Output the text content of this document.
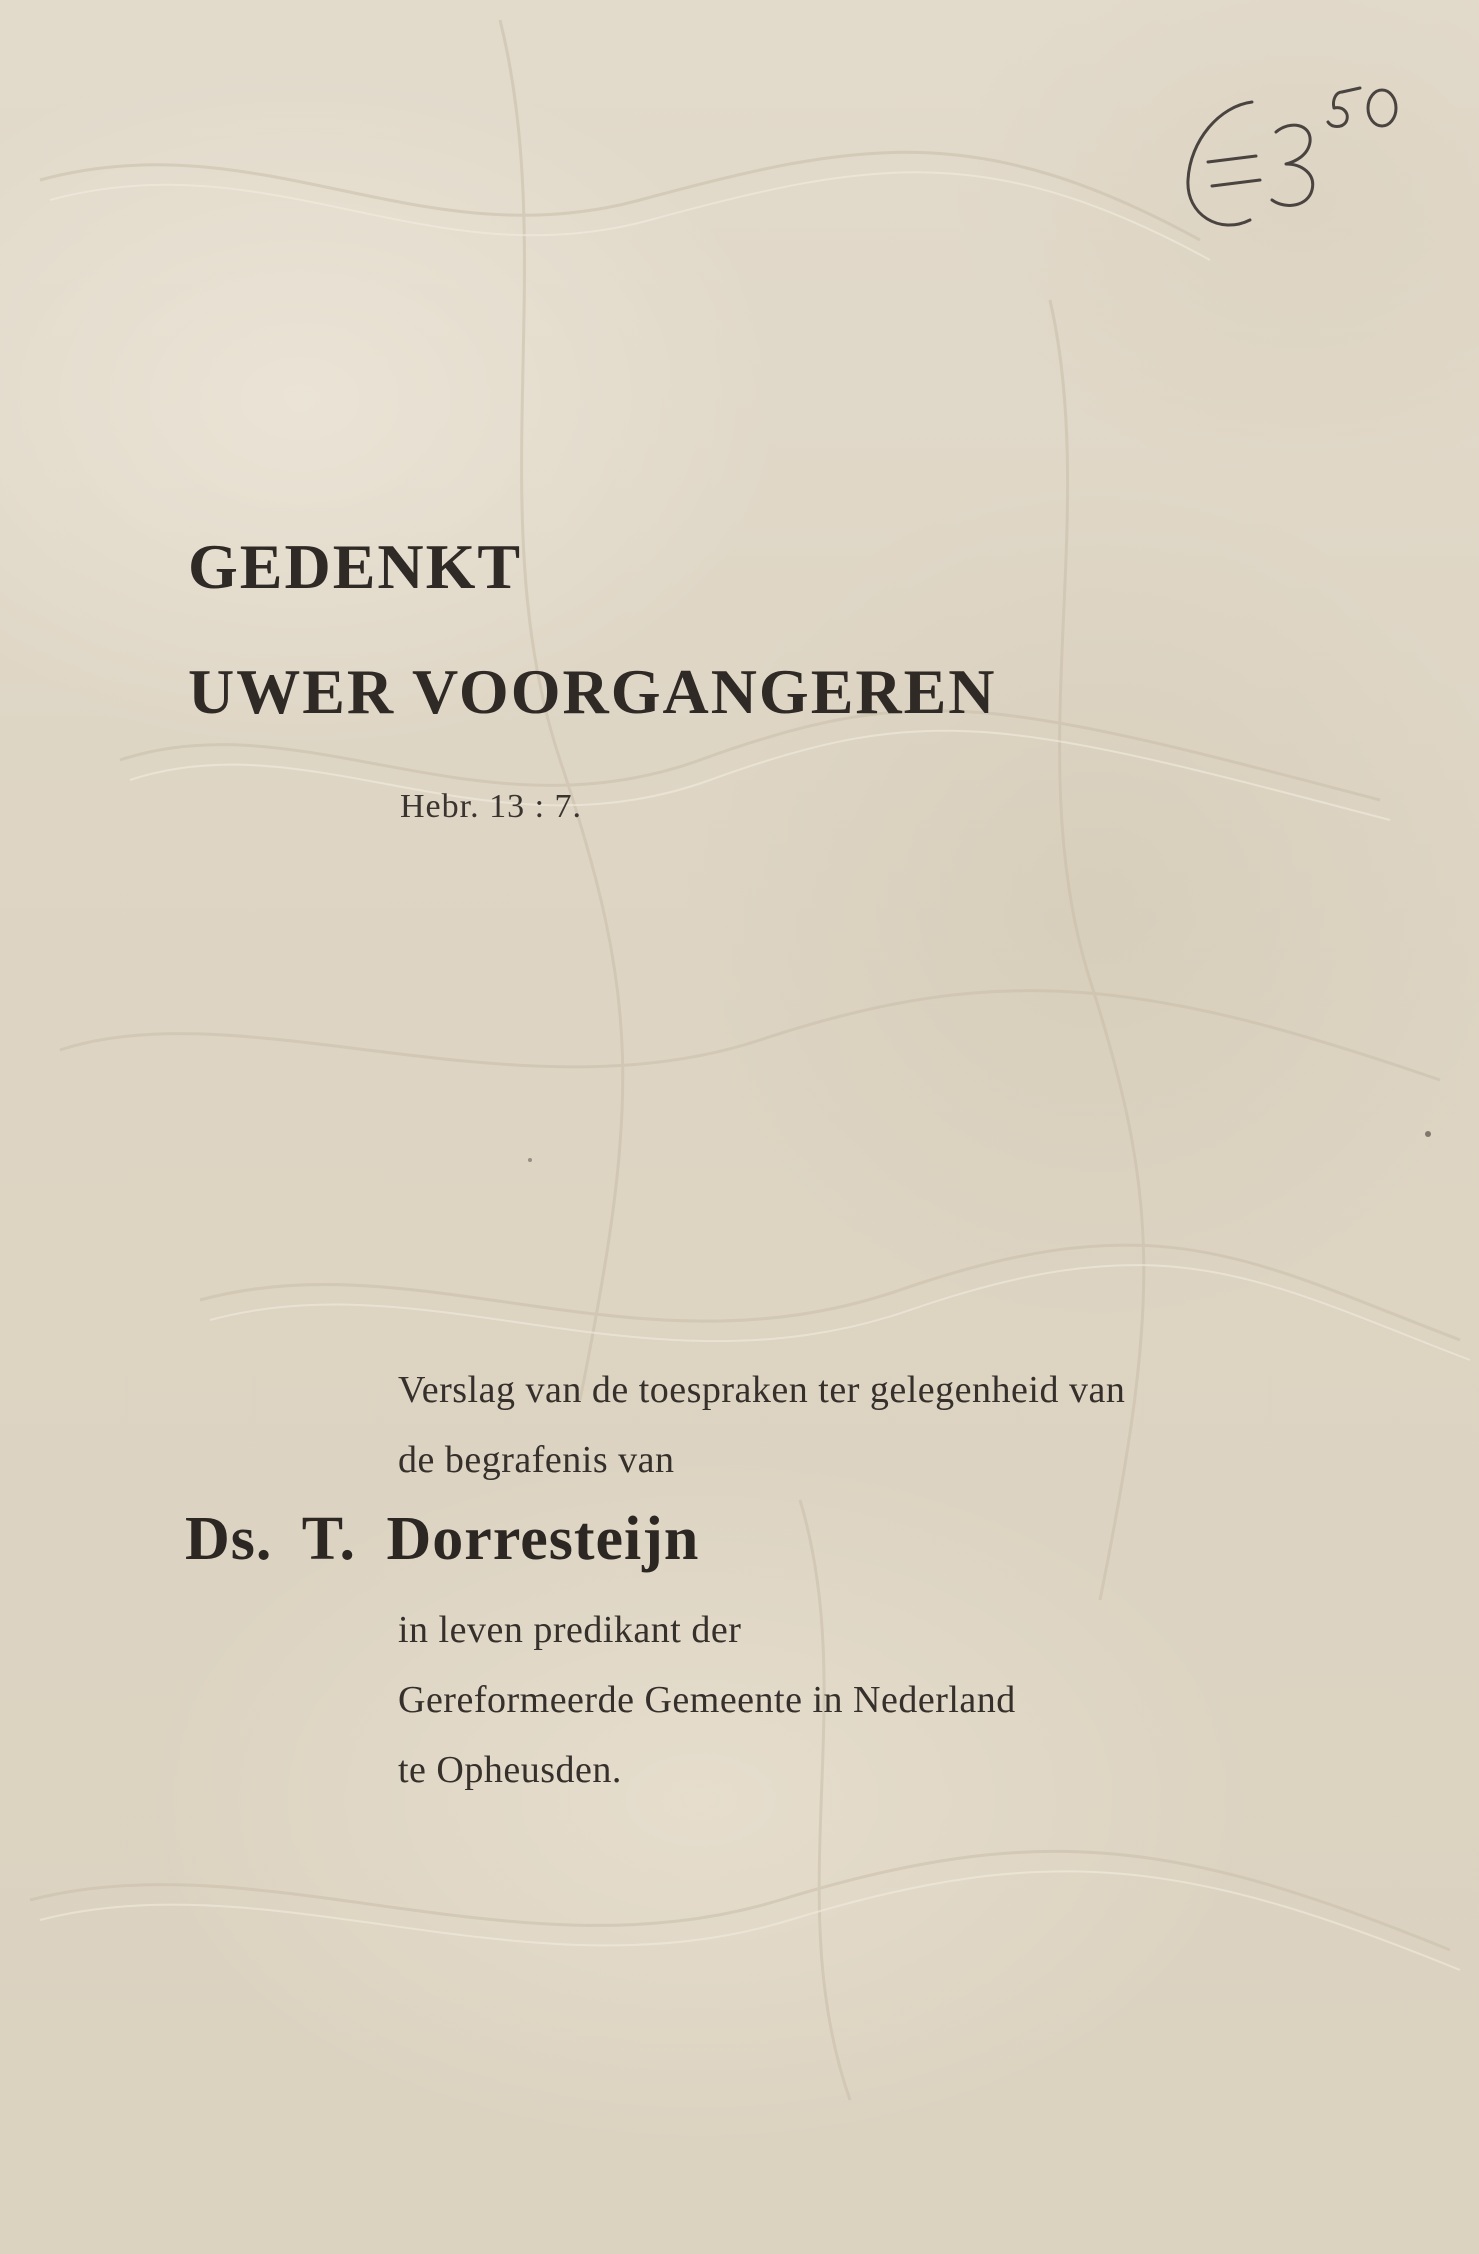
GEDENKT
UWER VOORGANGEREN
Hebr. 13 : 7.
Verslag van de toespraken ter gelegenheid van
de begrafenis van
Ds. T. Dorresteijn
in leven predikant der
Gereformeerde Gemeente in Nederland
te Opheusden.
